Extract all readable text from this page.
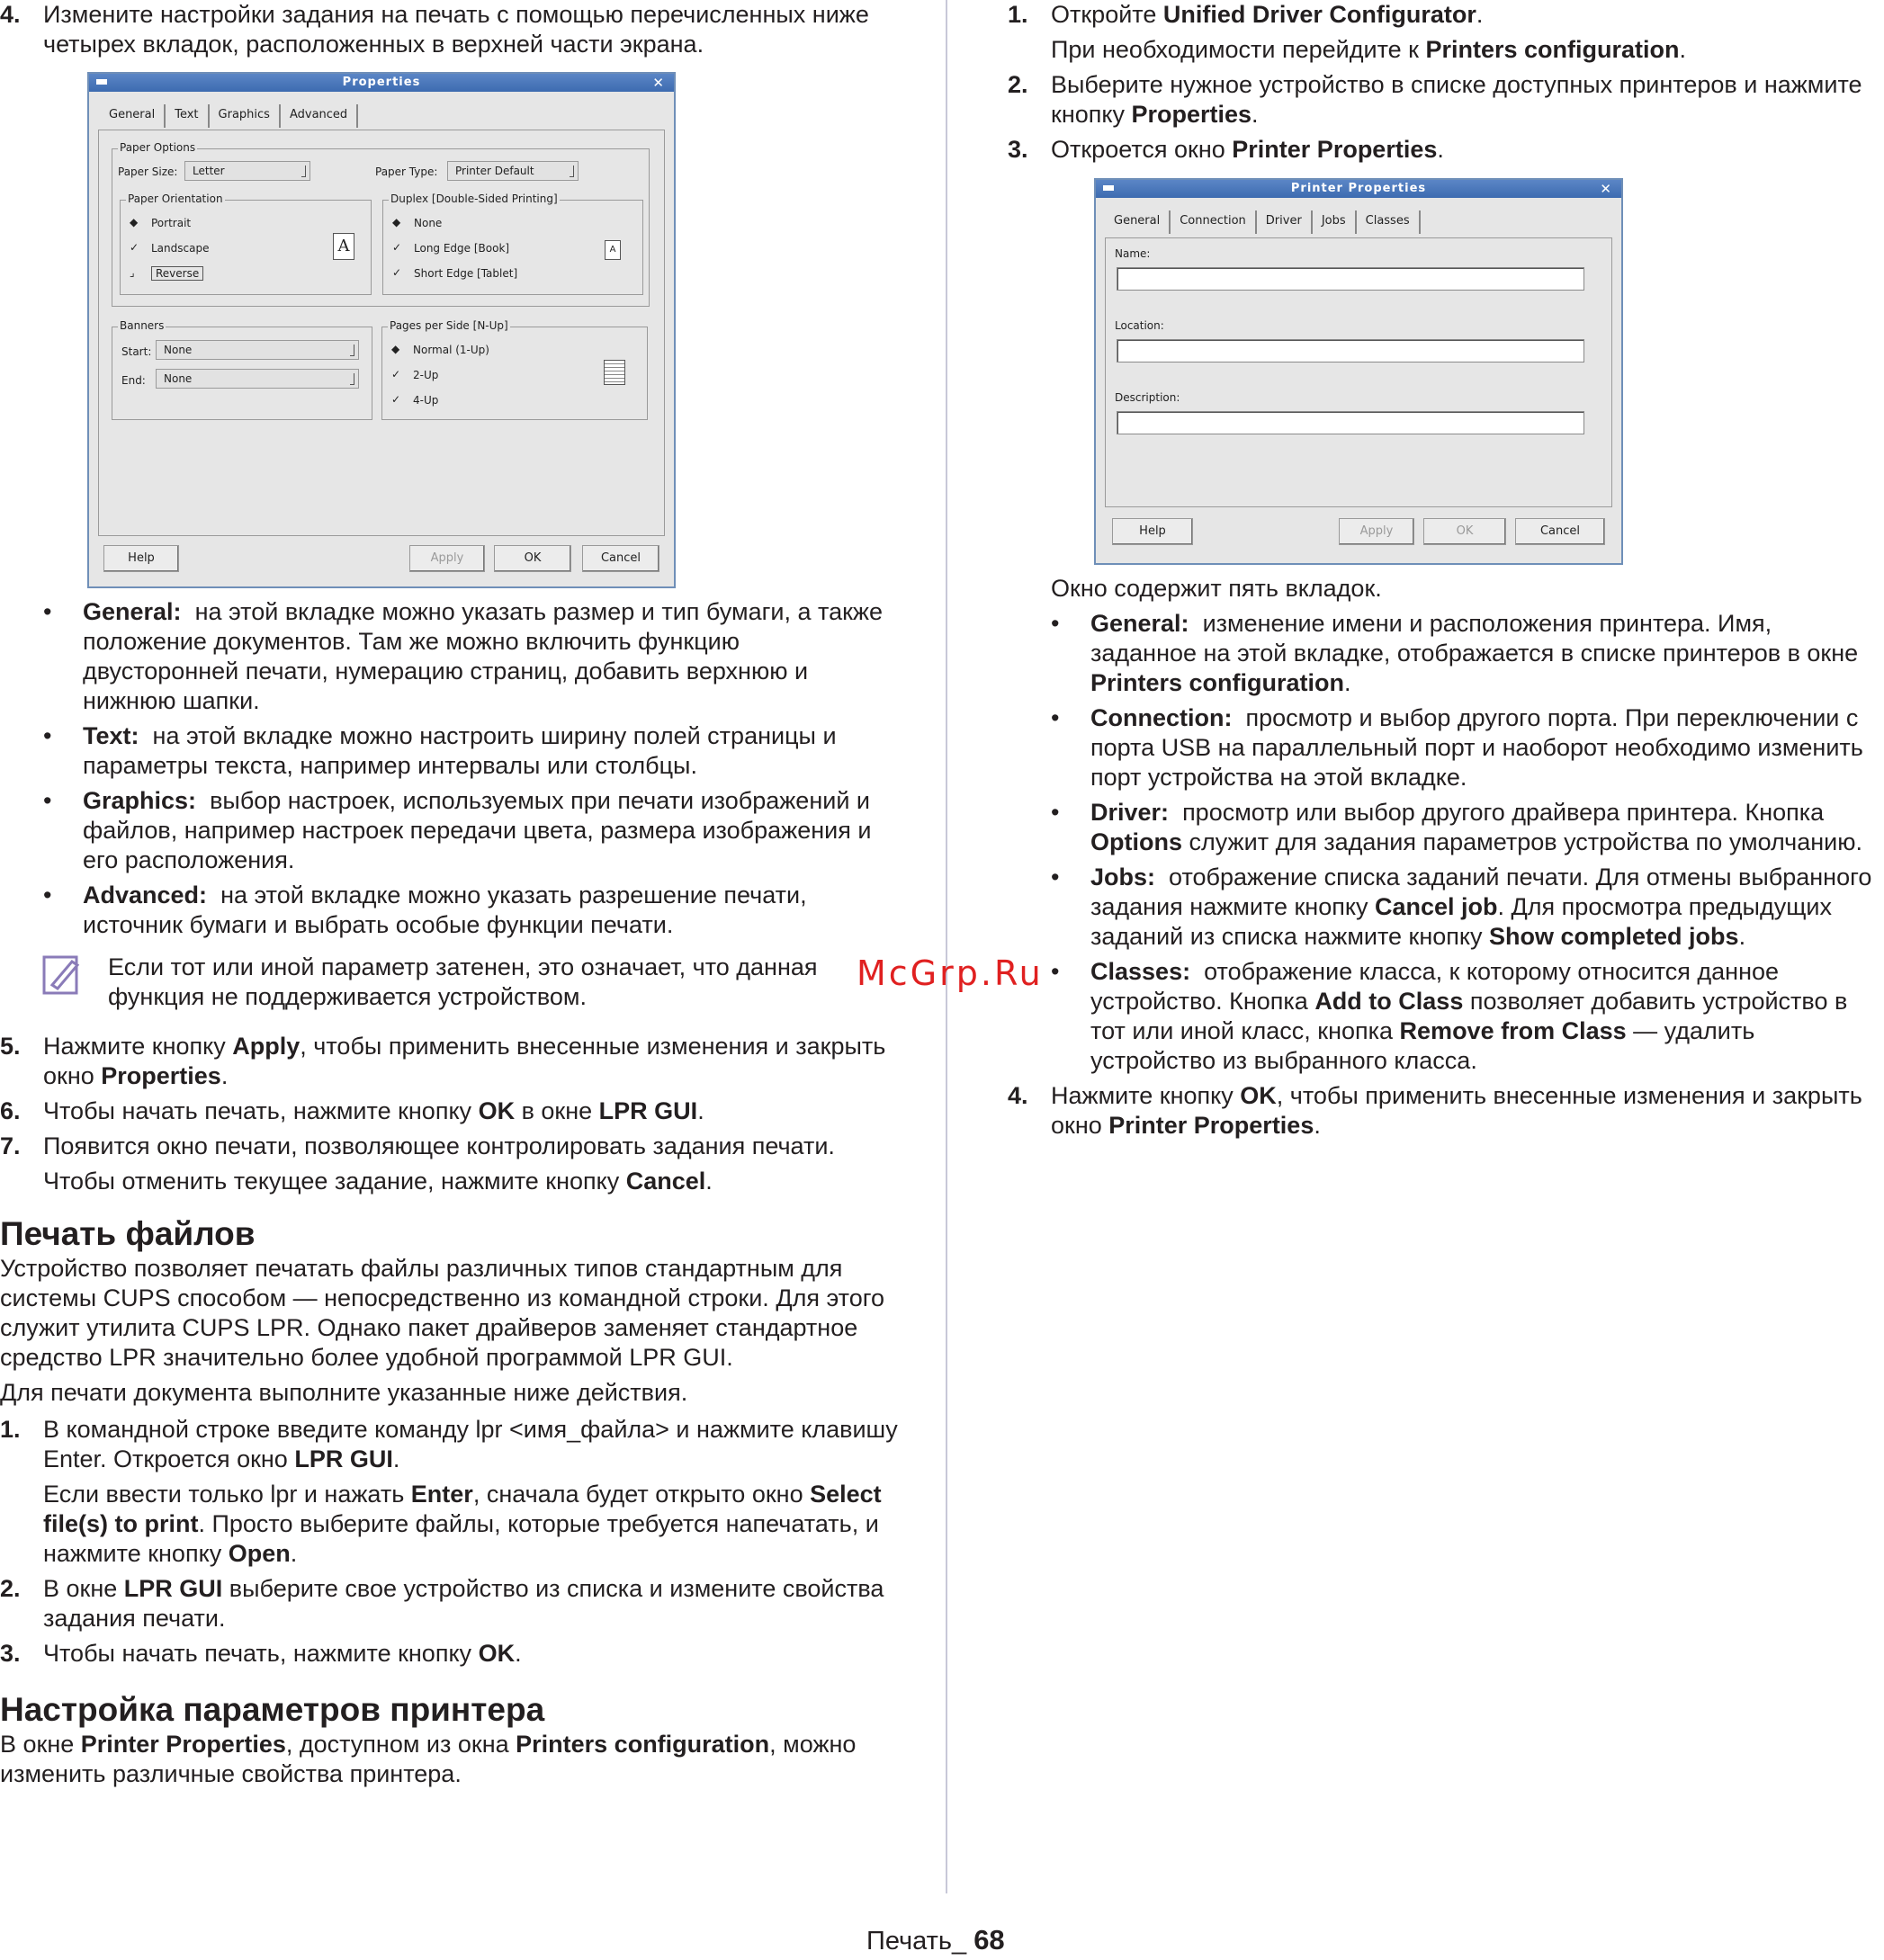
4. Измените настройки задания на печать с помощью перечисленных ниже четырех вкладок, расположенных в верхней части экрана.
Properties	✕
General	Text	Graphics	Advanced
Paper Options
Paper Size:	Letter	Paper Type:	Printer Default
Paper Orientation
◆ Portrait
✓ Landscape
⌟ Reverse
A
Duplex [Double-Sided Printing]
◆ None
✓ Long Edge [Book]
✓ Short Edge [Tablet]
A
Banners
Start:	None
End:	None
Pages per Side [N-Up]
◆ Normal (1-Up)
✓ 2-Up
✓ 4-Up
Help	Apply	OK	Cancel
• General: на этой вкладке можно указать размер и тип бумаги, а также положение документов. Там же можно включить функцию двусторонней печати, нумерацию страниц, добавить верхнюю и нижнюю шапки.
• Text: на этой вкладке можно настроить ширину полей страницы и параметры текста, например интервалы или столбцы.
• Graphics: выбор настроек, используемых при печати изображений и файлов, например настроек передачи цвета, размера изображения и его расположения.
• Advanced: на этой вкладке можно указать разрешение печати, источник бумаги и выбрать особые функции печати.
Если тот или иной параметр затенен, это означает, что данная функция не поддерживается устройством.
5. Нажмите кнопку Apply, чтобы применить внесенные изменения и закрыть окно Properties.
6. Чтобы начать печать, нажмите кнопку OK в окне LPR GUI.
7. Появится окно печати, позволяющее контролировать задания печати.
Чтобы отменить текущее задание, нажмите кнопку Cancel.
Печать файлов
Устройство позволяет печатать файлы различных типов стандартным для системы CUPS способом — непосредственно из командной строки. Для этого служит утилита CUPS LPR. Однако пакет драйверов заменяет стандартное средство LPR значительно более удобной программой LPR GUI.
Для печати документа выполните указанные ниже действия.
1. В командной строке введите команду lpr <имя_файла> и нажмите клавишу Enter. Откроется окно LPR GUI.
Если ввести только lpr и нажать Enter, сначала будет открыто окно Select file(s) to print. Просто выберите файлы, которые требуется напечатать, и нажмите кнопку Open.
2. В окне LPR GUI выберите свое устройство из списка и измените свойства задания печати.
3. Чтобы начать печать, нажмите кнопку OK.
Настройка параметров принтера
В окне Printer Properties, доступном из окна Printers configuration, можно изменить различные свойства принтера.
1. Откройте Unified Driver Configurator.
При необходимости перейдите к Printers configuration.
2. Выберите нужное устройство в списке доступных принтеров и нажмите кнопку Properties.
3. Откроется окно Printer Properties.
Printer Properties	✕
General	Connection	Driver	Jobs	Classes
Name:
Location:
Description:
Help	Apply	OK	Cancel
Окно содержит пять вкладок.
• General: изменение имени и расположения принтера. Имя, заданное на этой вкладке, отображается в списке принтеров в окне Printers configuration.
• Connection: просмотр и выбор другого порта. При переключении с порта USB на параллельный порт и наоборот необходимо изменить порт устройства на этой вкладке.
• Driver: просмотр или выбор другого драйвера принтера. Кнопка Options служит для задания параметров устройства по умолчанию.
• Jobs: отображение списка заданий печати. Для отмены выбранного задания нажмите кнопку Cancel job. Для просмотра предыдущих заданий из списка нажмите кнопку Show completed jobs.
• Classes: отображение класса, к которому относится данное устройство. Кнопка Add to Class позволяет добавить устройство в тот или иной класс, кнопка Remove from Class — удалить устройство из выбранного класса.
4. Нажмите кнопку OK, чтобы применить внесенные изменения и закрыть окно Printer Properties.
McGrp.Ru
Печать_ 68
